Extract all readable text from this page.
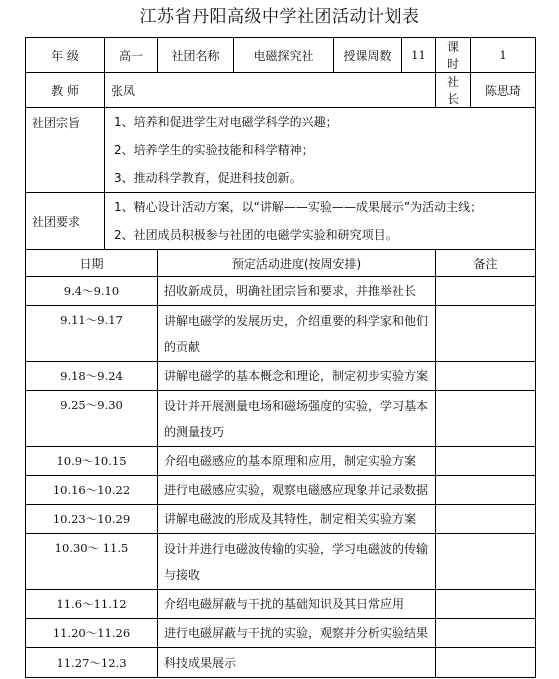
江苏省丹阳高级中学社团活动计划表
年 级	高一	社团名称	电磁探究社	授课周数	11	课时	1
教 师	张凤					社长	陈思琦
社团宗旨	1、培养和促进学生对电磁学科学的兴趣；
2、培养学生的实验技能和科学精神；
3、推动科学教育，促进科技创新。						

社团要求	1、精心设计活动方案，以“讲解——实验——成果展示”为活动主线；
2、社团成员积极参与社团的电磁学实验和研究项目。						

日期		预定活动进度(按周安排)				备注	
9.4～9.10		招收新成员，明确社团宗旨和要求，并推举社长					
9.11～9.17		讲解电磁学的发展历史，介绍重要的科学家和他们的贡献					
9.18～9.24		讲解电磁学的基本概念和理论，制定初步实验方案					
9.25～9.30		设计并开展测量电场和磁场强度的实验，学习基本的测量技巧					
10.9～10.15		介绍电磁感应的基本原理和应用，制定实验方案					
10.16～10.22		进行电磁感应实验，观察电磁感应现象并记录数据					
10.23～10.29		讲解电磁波的形成及其特性，制定相关实验方案					
10.30～ 11.5		设计并进行电磁波传输的实验，学习电磁波的传输与接收					
11.6～11.12		介绍电磁屏蔽与干扰的基础知识及其日常应用					
11.20～11.26		进行电磁屏蔽与干扰的实验，观察并分析实验结果					
11.27～12.3		科技成果展示					
